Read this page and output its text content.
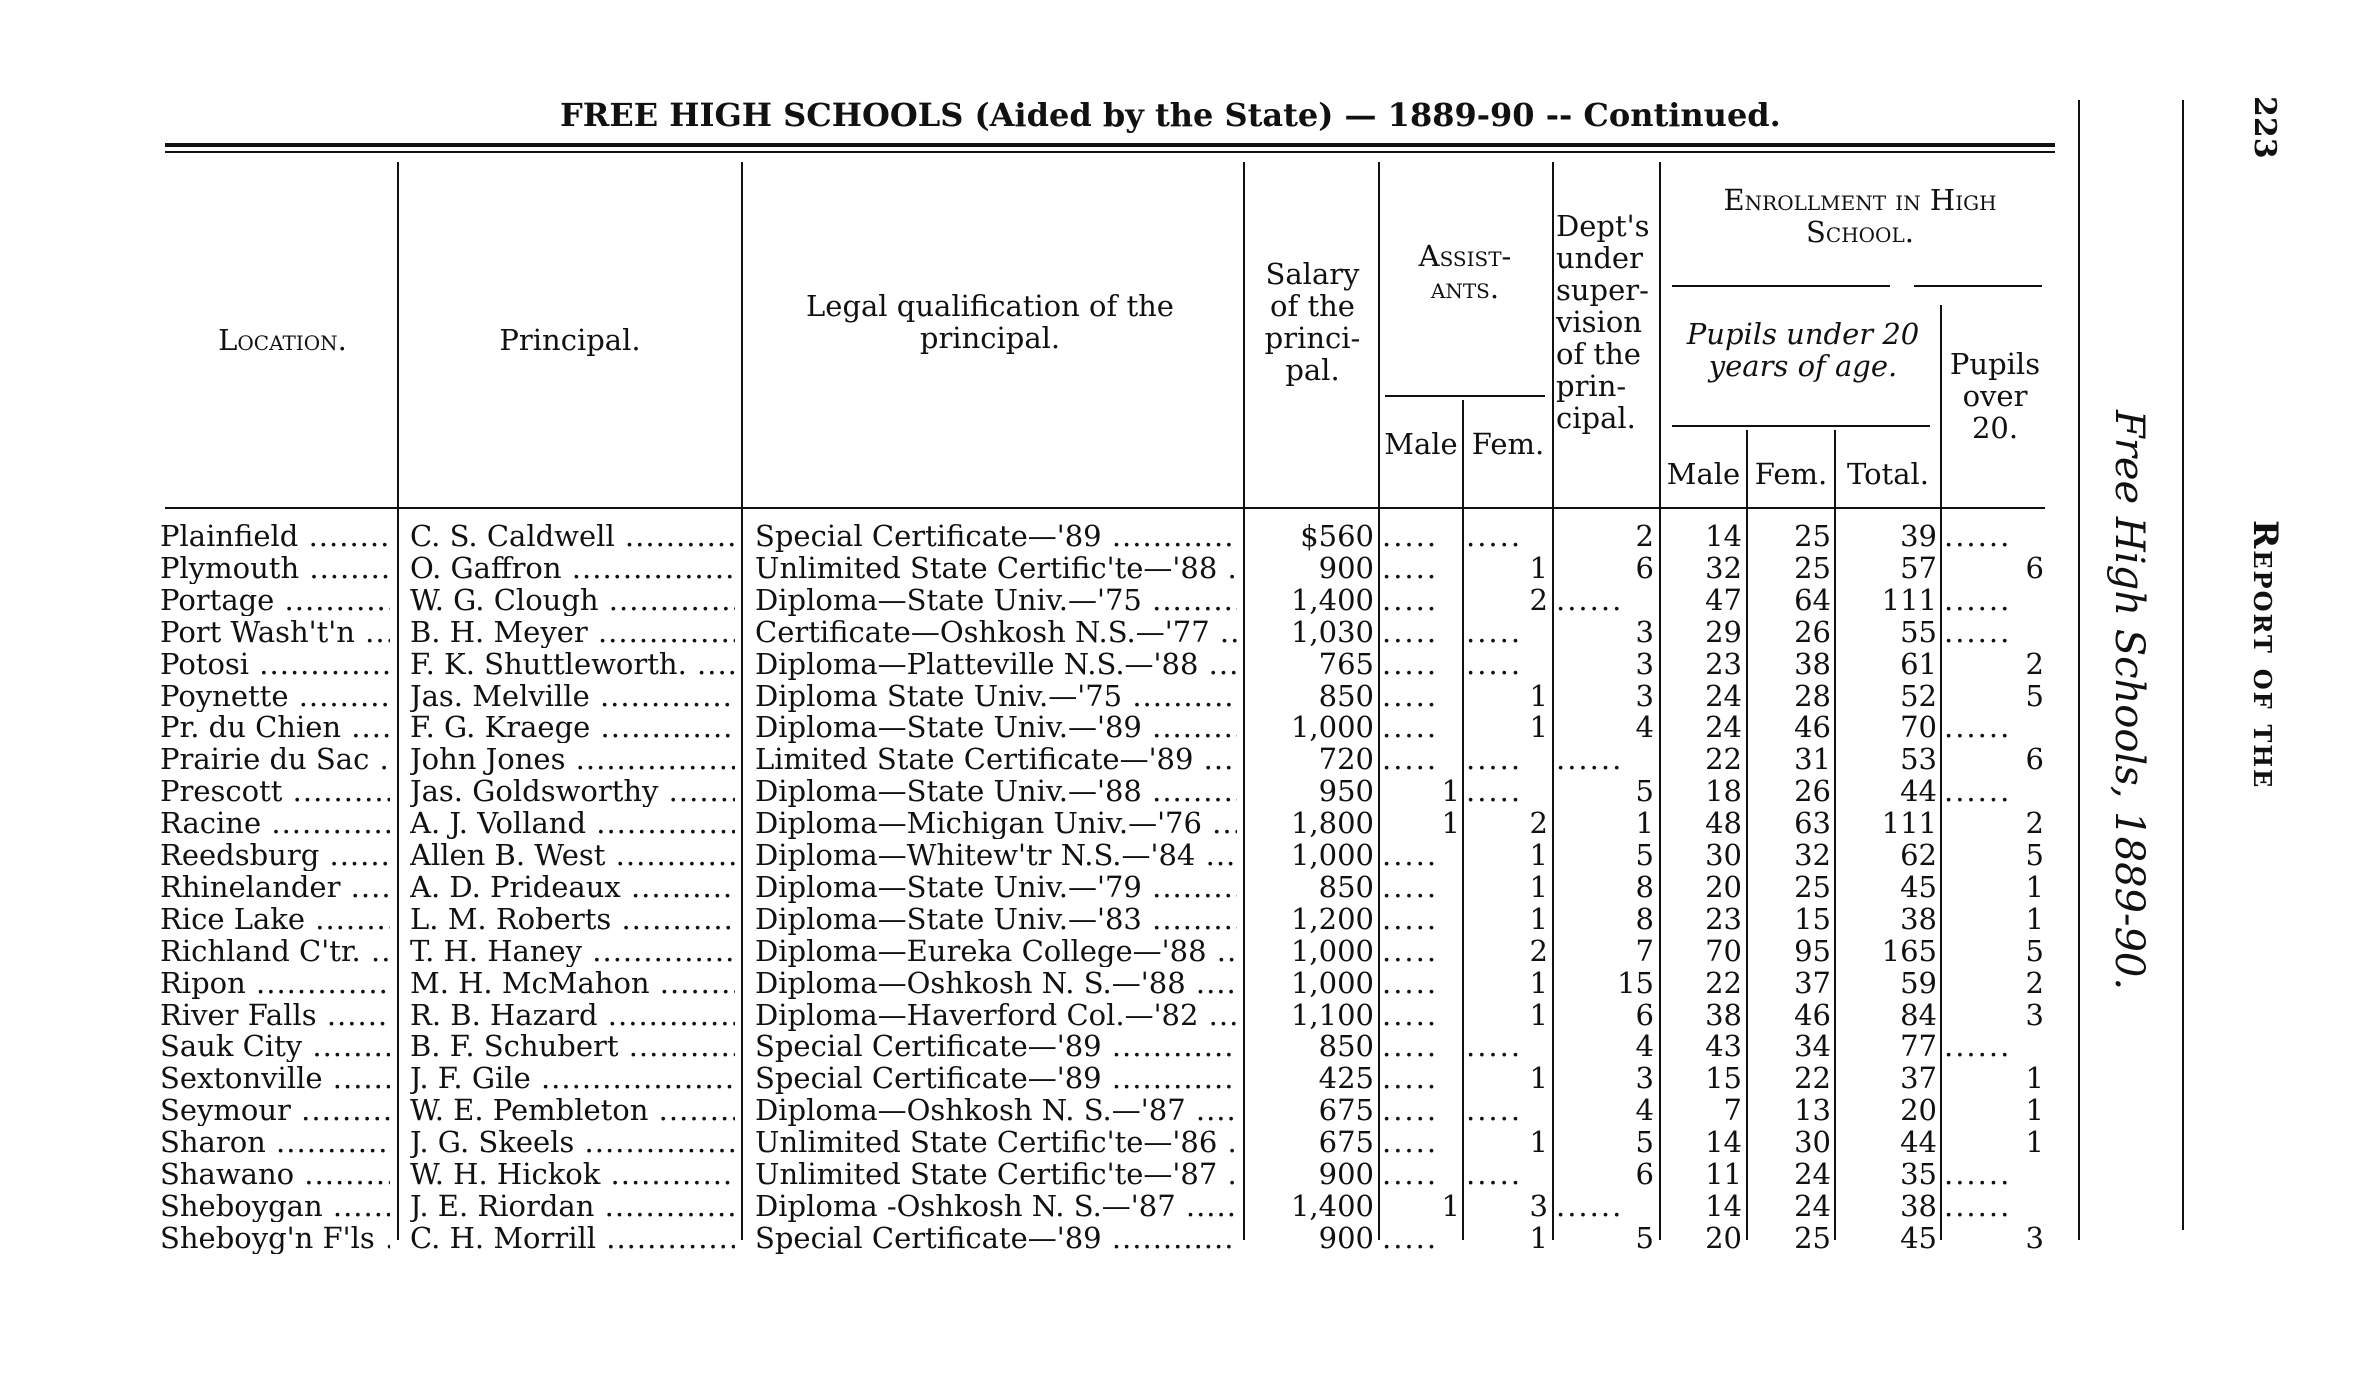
FREE HIGH SCHOOLS (Aided by the State) — 1889-90 -- Continued.
Location.	Principal.
Legal qualification of the principal.
Salary of the princi- pal.
Assist- ants.
Male Fem.
Dept's under super- vision of the prin- cipal.
Enrollment in High School.
Pupils under 20 years of age.	Pupils over 20.
Male Fem. Total.
Plainfield .....	C. S. Caldwell .....	Special Certificate—'89 .....	$560 ..... .....	2	14	25	39 ......
Plymouth .....	O. Gaffron .....	Unlimited State Certific'te—'88 .....	900 .....	1	6	32	25	57	6
Portage .....	W. G. Clough .....	Diploma—State Univ.—'75 .....	1,400 .....	2 ......	47	64	111 ......
Port Wash't'n .....	B. H. Meyer .....	Certificate—Oshkosh N.S.—'77 .....	1,030 ..... .....	3	29	26	55 ......
Potosi .....	F. K. Shuttleworth. .....	Diploma—Platteville N.S.—'88 .....	765 ..... .....	3	23	38	61	2
Poynette .....	Jas. Melville .....	Diploma State Univ.—'75 .....	850 .....	1	3	24	28	52	5
Pr. du Chien .....	F. G. Kraege .....	Diploma—State Univ.—'89 .....	1,000 .....	1	4	24	46	70 ......
Prairie du Sac .....	John Jones .....	Limited State Certificate—'89 .....	720 ..... .....	......	22	31	53	6
Prescott .....	Jas. Goldsworthy .....	Diploma—State Univ.—'88 .....	950	1 .....	5	18	26	44 ......
Racine .....	A. J. Volland .....	Diploma—Michigan Univ.—'76 .....	1,800	1	2	1	48	63	111	2
Reedsburg .....	Allen B. West .....	Diploma—Whitew'tr N.S.—'84 .....	1,000 .....	1	5	30	32	62	5
Rhinelander .....	A. D. Prideaux .....	Diploma—State Univ.—'79 .....	850 .....	1	8	20	25	45	1
Rice Lake .....	L. M. Roberts .....	Diploma—State Univ.—'83 .....	1,200 .....	1	8	23	15	38	1
Richland C'tr. .....	T. H. Haney .....	Diploma—Eureka College—'88 .....	1,000 .....	2	7	70	95	165	5
Ripon .....	M. H. McMahon .....	Diploma—Oshkosh N. S.—'88 .....	1,000 .....	1	15	22	37	59	2
River Falls .....	R. B. Hazard .....	Diploma—Haverford Col.—'82 .....	1,100 .....	1	6	38	46	84	3
Sauk City .....	B. F. Schubert .....	Special Certificate—'89 .....	850 ..... .....	4	43	34	77 ......
Sextonville .....	J. F. Gile .....	Special Certificate—'89 .....	425 .....	1	3	15	22	37	1
Seymour .....	W. E. Pembleton .....	Diploma—Oshkosh N. S.—'87 .....	675 ..... .....	4	7	13	20	1
Sharon .....	J. G. Skeels .....	Unlimited State Certific'te—'86 .....	675 .....	1	5	14	30	44	1
Shawano .....	W. H. Hickok .....	Unlimited State Certific'te—'87 .....	900 ..... .....	6	11	24	35 ......
Sheboygan .....	J. E. Riordan .....	Diploma -Oshkosh N. S.—'87 .....	1,400	1	3 ......	14	24	38 ......
Sheboyg'n F'ls .....	C. H. Morrill .....	Special Certificate—'89 .....	900 .....	1	5	20	25	45	3
Free High Schools, 1889-90.	Report of the
223
